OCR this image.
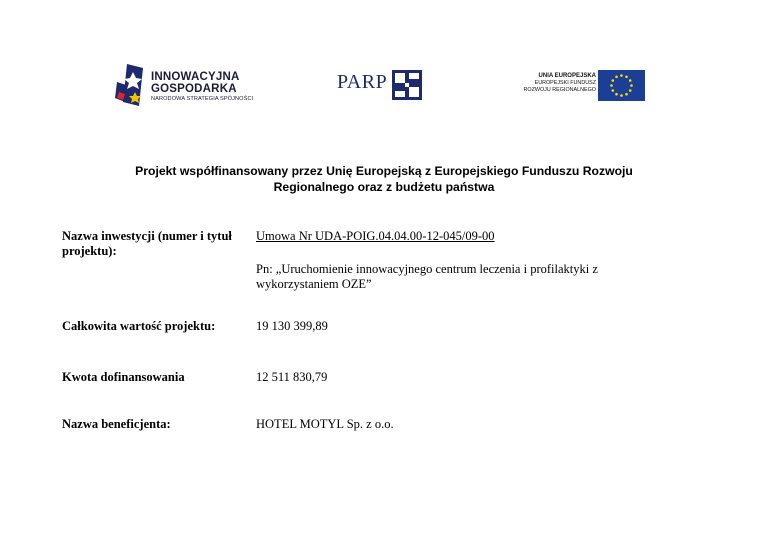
INNOWACYJNA
GOSPODARKA
NARODOWA STRATEGIA SPÓJNOŚCI
PARP	UNIA EUROPEJSKA
EUROPEJSKI FUNDUSZ
ROZWOJU REGIONALNEGO
Projekt współfinansowany przez Unię Europejską z Europejskiego Funduszu Rozwoju
Regionalnego oraz z budżetu państwa
Nazwa inwestycji (numer i tytuł projektu):
Umowa Nr UDA-POIG.04.04.00-12-045/09-00
Pn: „Uruchomienie innowacyjnego centrum leczenia i profilaktyki z wykorzystaniem OZE”
Całkowita wartość projektu:	19 130 399,89
Kwota dofinansowania	12 511 830,79
Nazwa beneficjenta:	HOTEL MOTYL Sp. z o.o.
